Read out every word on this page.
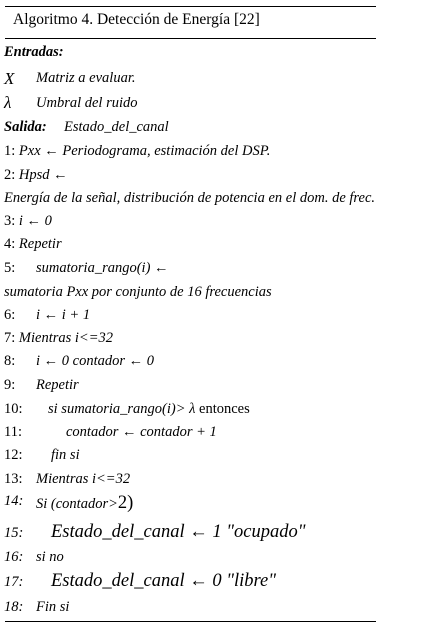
Algoritmo 4. Detección de Energía [22]
Entradas:
X Matriz a evaluar.
λ Umbral del ruido
Salida: Estado_del_canal
1: Pxx ← Periodograma, estimación del DSP.
2: Hpsd ←
Energía de la señal, distribución de potencia en el dom. de frec.
3: i ← 0
4: Repetir
5: sumatoria_rango(i) ←
sumatoria Pxx por conjunto de 16 frecuencias
6: i ← i + 1
7: Mientras i<=32
8: i ← 0 contador ← 0
9: Repetir
10: si sumatoria_rango(i)> λ entonces
11:	contador ← contador + 1
12: fin si
13: Mientras i<=32
14: Si (contador>2)
15: Estado_del_canal ← 1 "ocupado"
16: si no
17: Estado_del_canal ← 0 "libre"
18: Fin si
